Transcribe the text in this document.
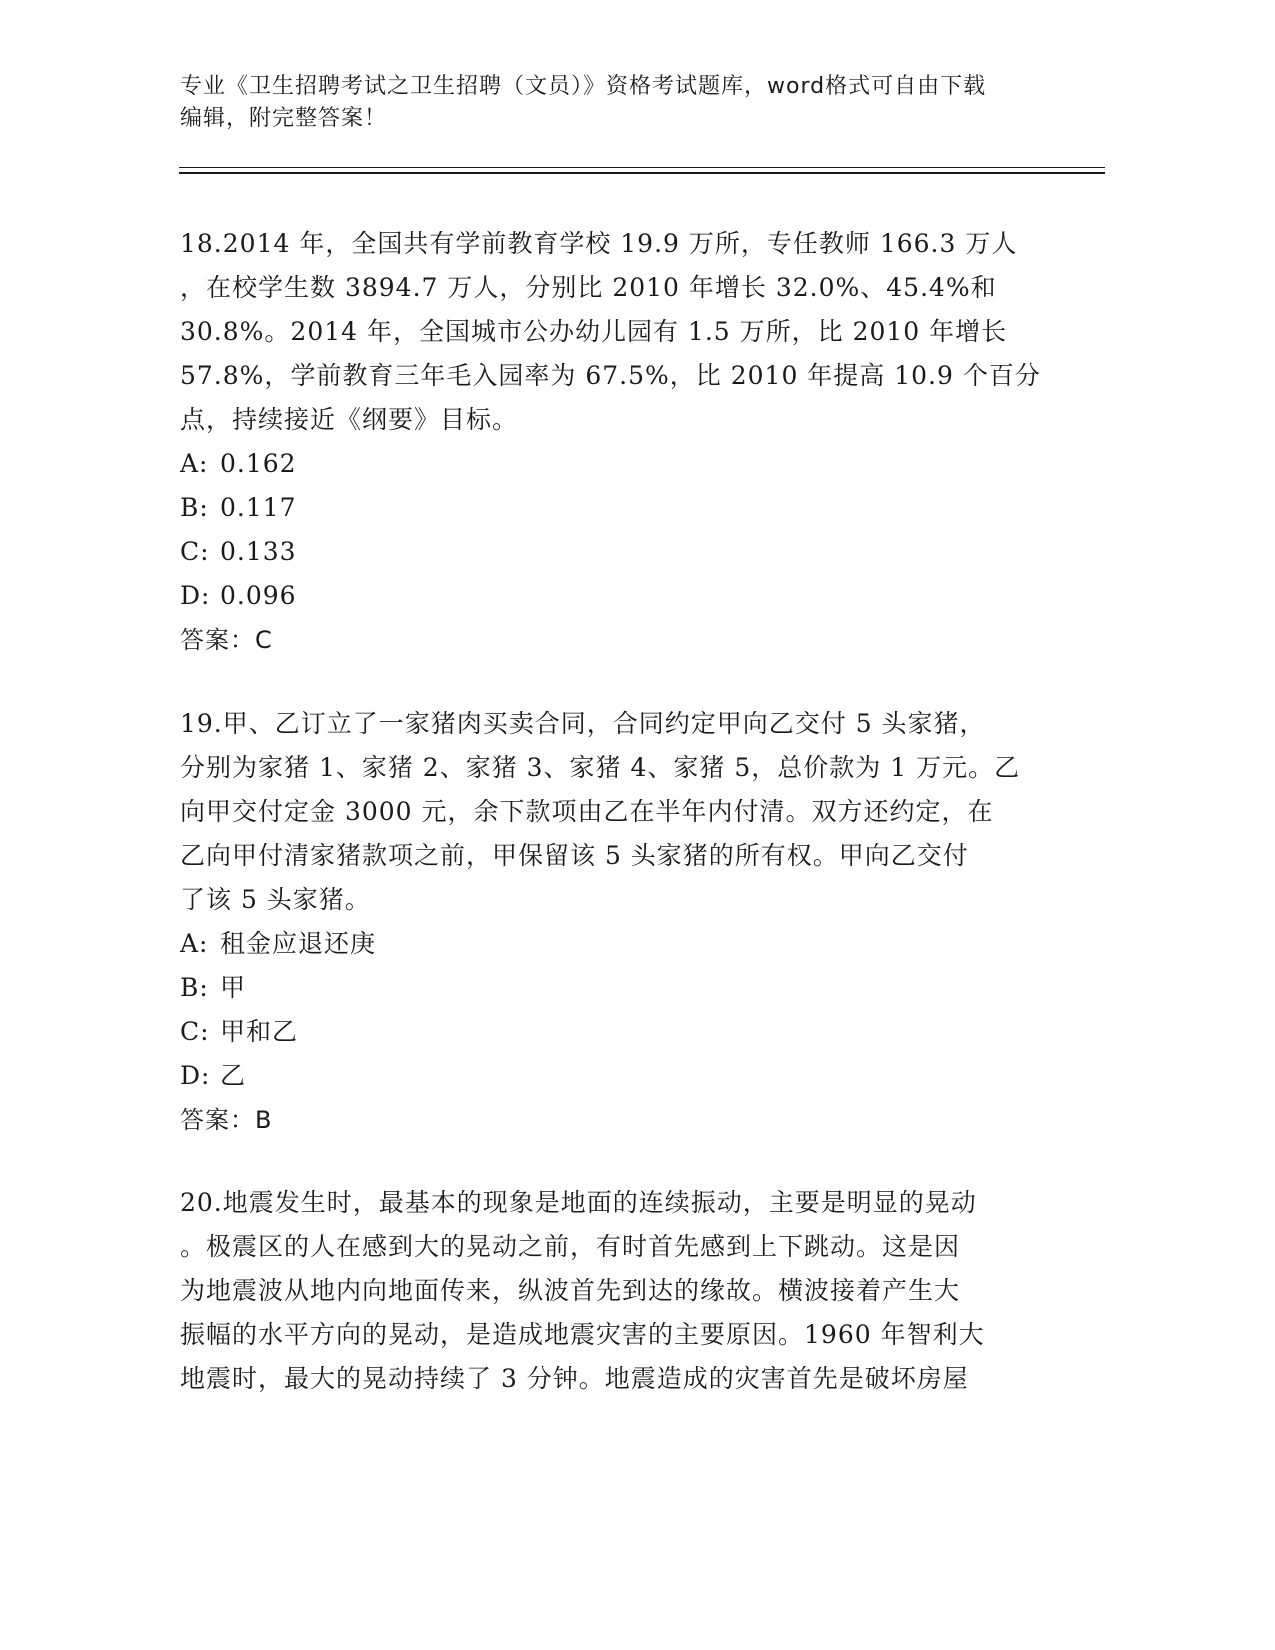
专业《卫生招聘考试之卫生招聘（文员）》资格考试题库，word格式可自由下载
编辑，附完整答案！
18.2014 年，全国共有学前教育学校 19.9 万所，专任教师 166.3 万人
，在校学生数 3894.7 万人，分别比 2010 年增长 32.0%、45.4%和
30.8%。2014 年，全国城市公办幼儿园有 1.5 万所，比 2010 年增长
57.8%，学前教育三年毛入园率为 67.5%，比 2010 年提高 10.9 个百分
点，持续接近《纲要》目标。
A: 0.162
B: 0.117
C: 0.133
D: 0.096
答案：C
19.甲、乙订立了一家猪肉买卖合同，合同约定甲向乙交付 5 头家猪，
分别为家猪 1、家猪 2、家猪 3、家猪 4、家猪 5，总价款为 1 万元。乙
向甲交付定金 3000 元，余下款项由乙在半年内付清。双方还约定，在
乙向甲付清家猪款项之前，甲保留该 5 头家猪的所有权。甲向乙交付
了该 5 头家猪。
A: 租金应退还庚
B: 甲
C: 甲和乙
D: 乙
答案：B
20.地震发生时，最基本的现象是地面的连续振动，主要是明显的晃动
。极震区的人在感到大的晃动之前，有时首先感到上下跳动。这是因
为地震波从地内向地面传来，纵波首先到达的缘故。横波接着产生大
振幅的水平方向的晃动，是造成地震灾害的主要原因。1960 年智利大
地震时，最大的晃动持续了 3 分钟。地震造成的灾害首先是破坏房屋
